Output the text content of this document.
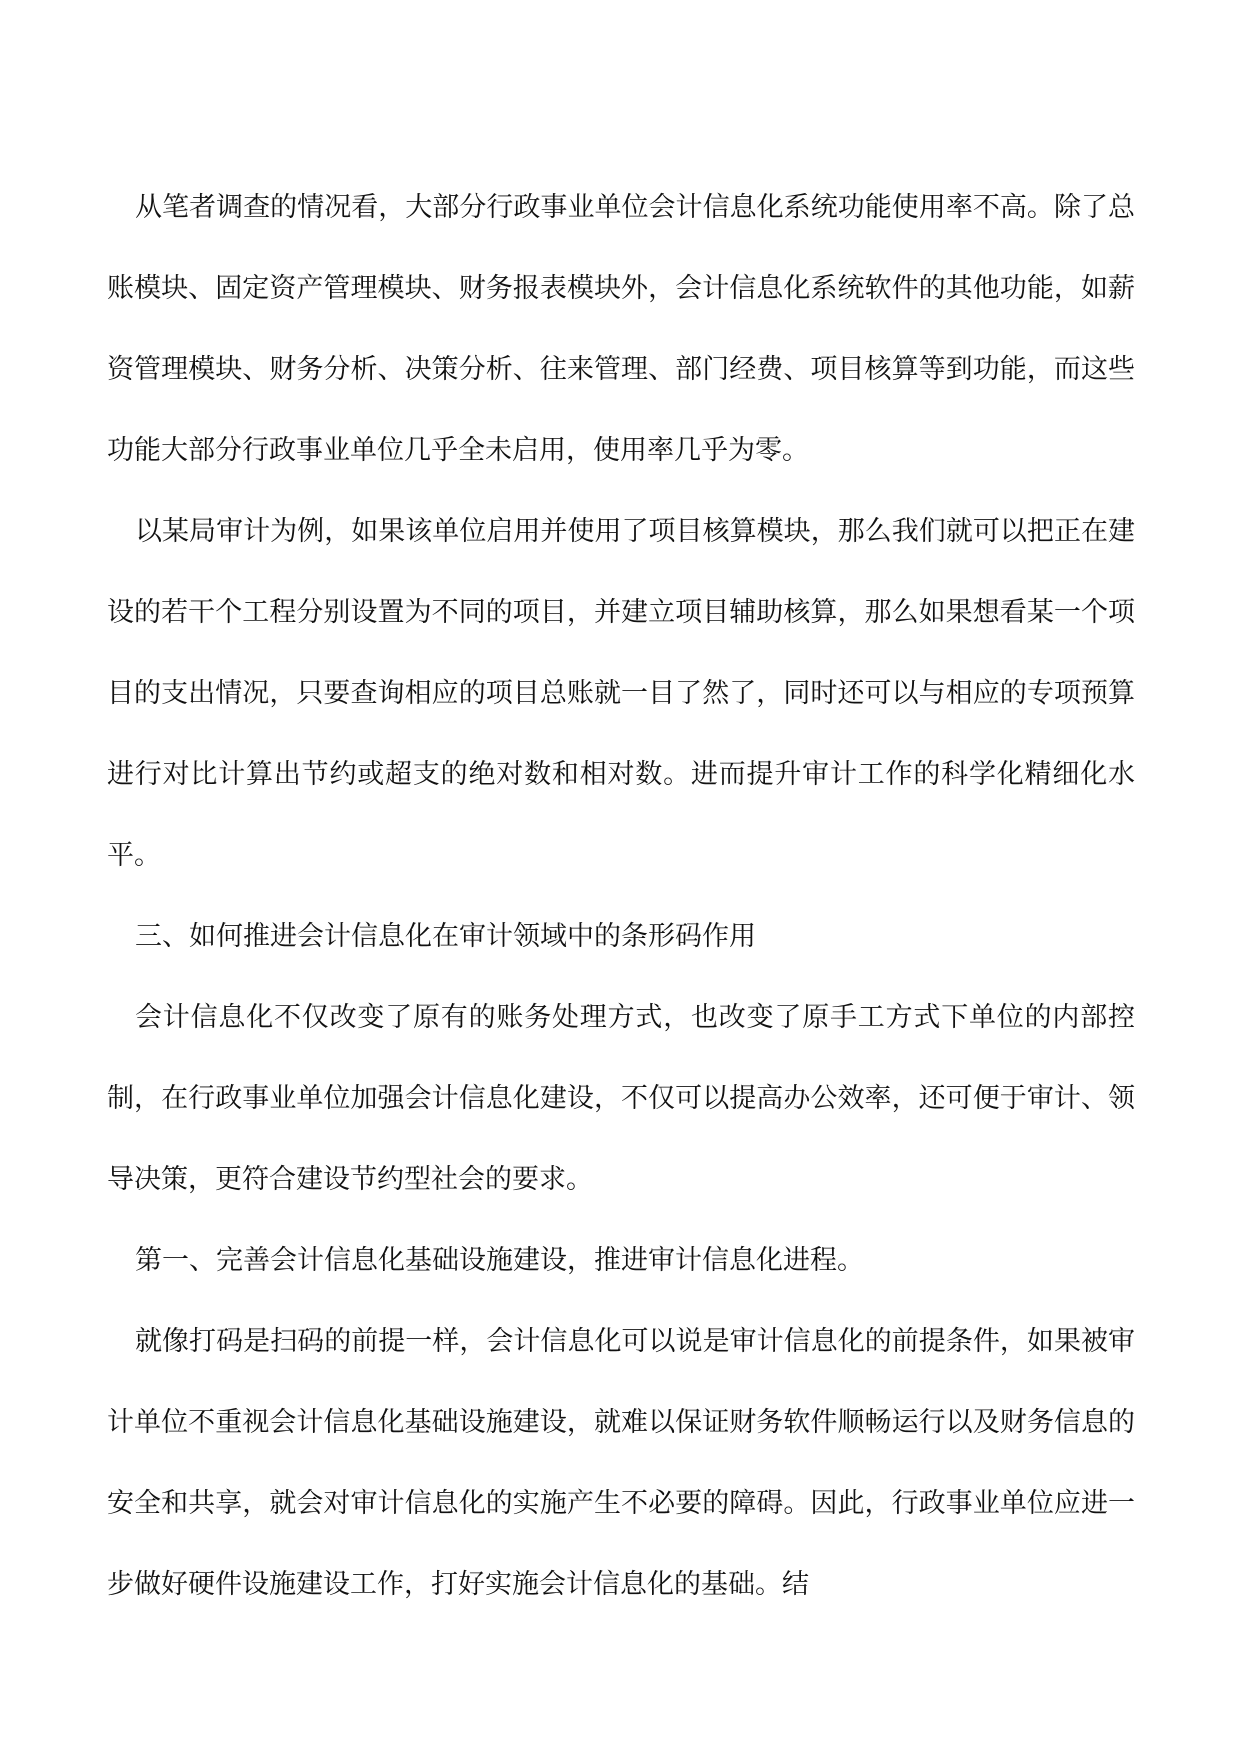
从笔者调查的情况看，大部分行政事业单位会计信息化系统功能使用率不高。除了总账模块、固定资产管理模块、财务报表模块外，会计信息化系统软件的其他功能，如薪资管理模块、财务分析、决策分析、往来管理、部门经费、项目核算等到功能，而这些功能大部分行政事业单位几乎全未启用，使用率几乎为零。

以某局审计为例，如果该单位启用并使用了项目核算模块，那么我们就可以把正在建设的若干个工程分别设置为不同的项目，并建立项目辅助核算，那么如果想看某一个项目的支出情况，只要查询相应的项目总账就一目了然了，同时还可以与相应的专项预算进行对比计算出节约或超支的绝对数和相对数。进而提升审计工作的科学化精细化水平。

三、如何推进会计信息化在审计领域中的条形码作用

会计信息化不仅改变了原有的账务处理方式，也改变了原手工方式下单位的内部控制，在行政事业单位加强会计信息化建设，不仅可以提高办公效率，还可便于审计、领导决策，更符合建设节约型社会的要求。

第一、完善会计信息化基础设施建设，推进审计信息化进程。

就像打码是扫码的前提一样，会计信息化可以说是审计信息化的前提条件，如果被审计单位不重视会计信息化基础设施建设，就难以保证财务软件顺畅运行以及财务信息的安全和共享，就会对审计信息化的实施产生不必要的障碍。因此，行政事业单位应进一步做好硬件设施建设工作，打好实施会计信息化的基础。结
